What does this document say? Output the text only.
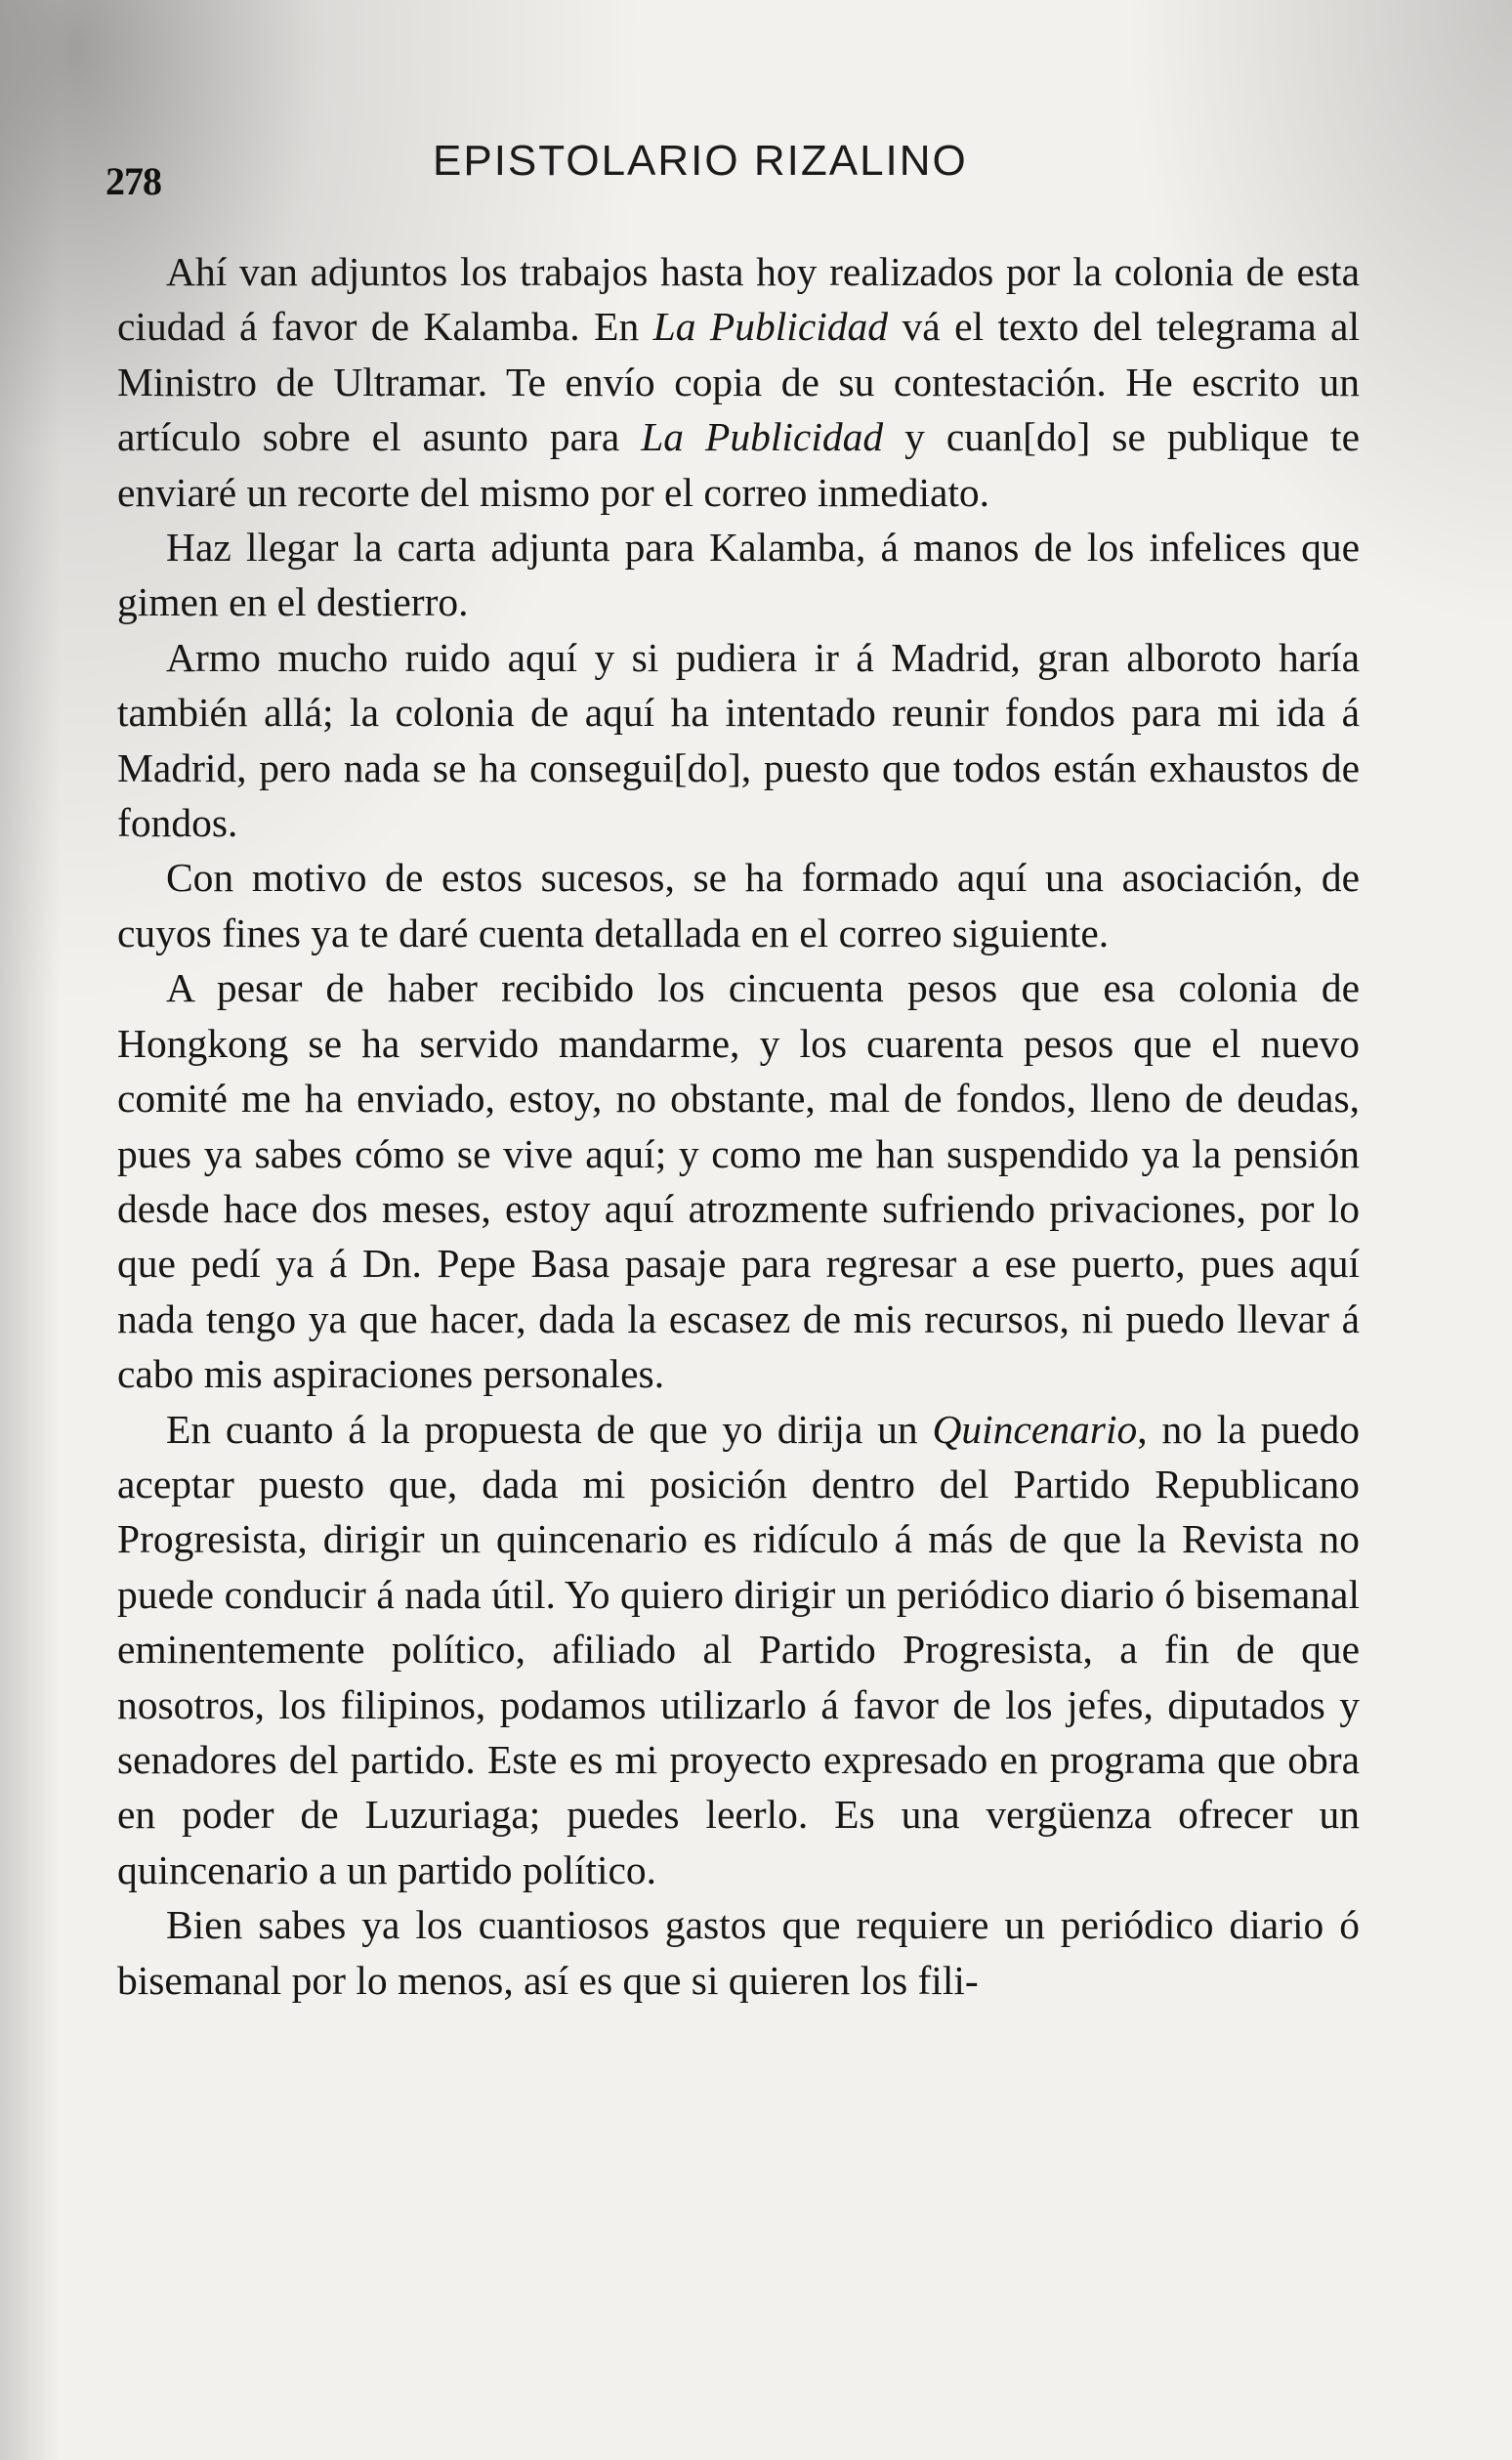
278	EPISTOLARIO RIZALINO

Ahí van adjuntos los trabajos hasta hoy realizados por la colonia de esta ciudad á favor de Kalamba. En La Publicidad vá el texto del telegrama al Ministro de Ultramar. Te envío copia de su contestación. He escrito un artículo sobre el asunto para La Publicidad y cuan[do] se publique te enviaré un recorte del mismo por el correo inmediato.

Haz llegar la carta adjunta para Kalamba, á manos de los infelices que gimen en el destierro.

Armo mucho ruido aquí y si pudiera ir á Madrid, gran alboroto haría también allá; la colonia de aquí ha intentado reunir fondos para mi ida á Madrid, pero nada se ha consegui[do], puesto que todos están exhaustos de fondos.

Con motivo de estos sucesos, se ha formado aquí una asociación, de cuyos fines ya te daré cuenta detallada en el correo siguiente.

A pesar de haber recibido los cincuenta pesos que esa colonia de Hongkong se ha servido mandarme, y los cuarenta pesos que el nuevo comité me ha enviado, estoy, no obstante, mal de fondos, lleno de deudas, pues ya sabes cómo se vive aquí; y como me han suspendido ya la pensión desde hace dos meses, estoy aquí atrozmente sufriendo privaciones, por lo que pedí ya á Dn. Pepe Basa pasaje para regresar a ese puerto, pues aquí nada tengo ya que hacer, dada la escasez de mis recursos, ni puedo llevar á cabo mis aspiraciones personales.

En cuanto á la propuesta de que yo dirija un Quincenario, no la puedo aceptar puesto que, dada mi posición dentro del Partido Republicano Progresista, dirigir un quincenario es ridículo á más de que la Revista no puede conducir á nada útil. Yo quiero dirigir un periódico diario ó bisemanal eminentemente político, afiliado al Partido Progresista, a fin de que nosotros, los filipinos, podamos utilizarlo á favor de los jefes, diputados y senadores del partido. Este es mi proyecto expresado en programa que obra en poder de Luzuriaga; puedes leerlo. Es una vergüenza ofrecer un quincenario a un partido político.

Bien sabes ya los cuantiosos gastos que requiere un periódico diario ó bisemanal por lo menos, así es que si quieren los fili-
